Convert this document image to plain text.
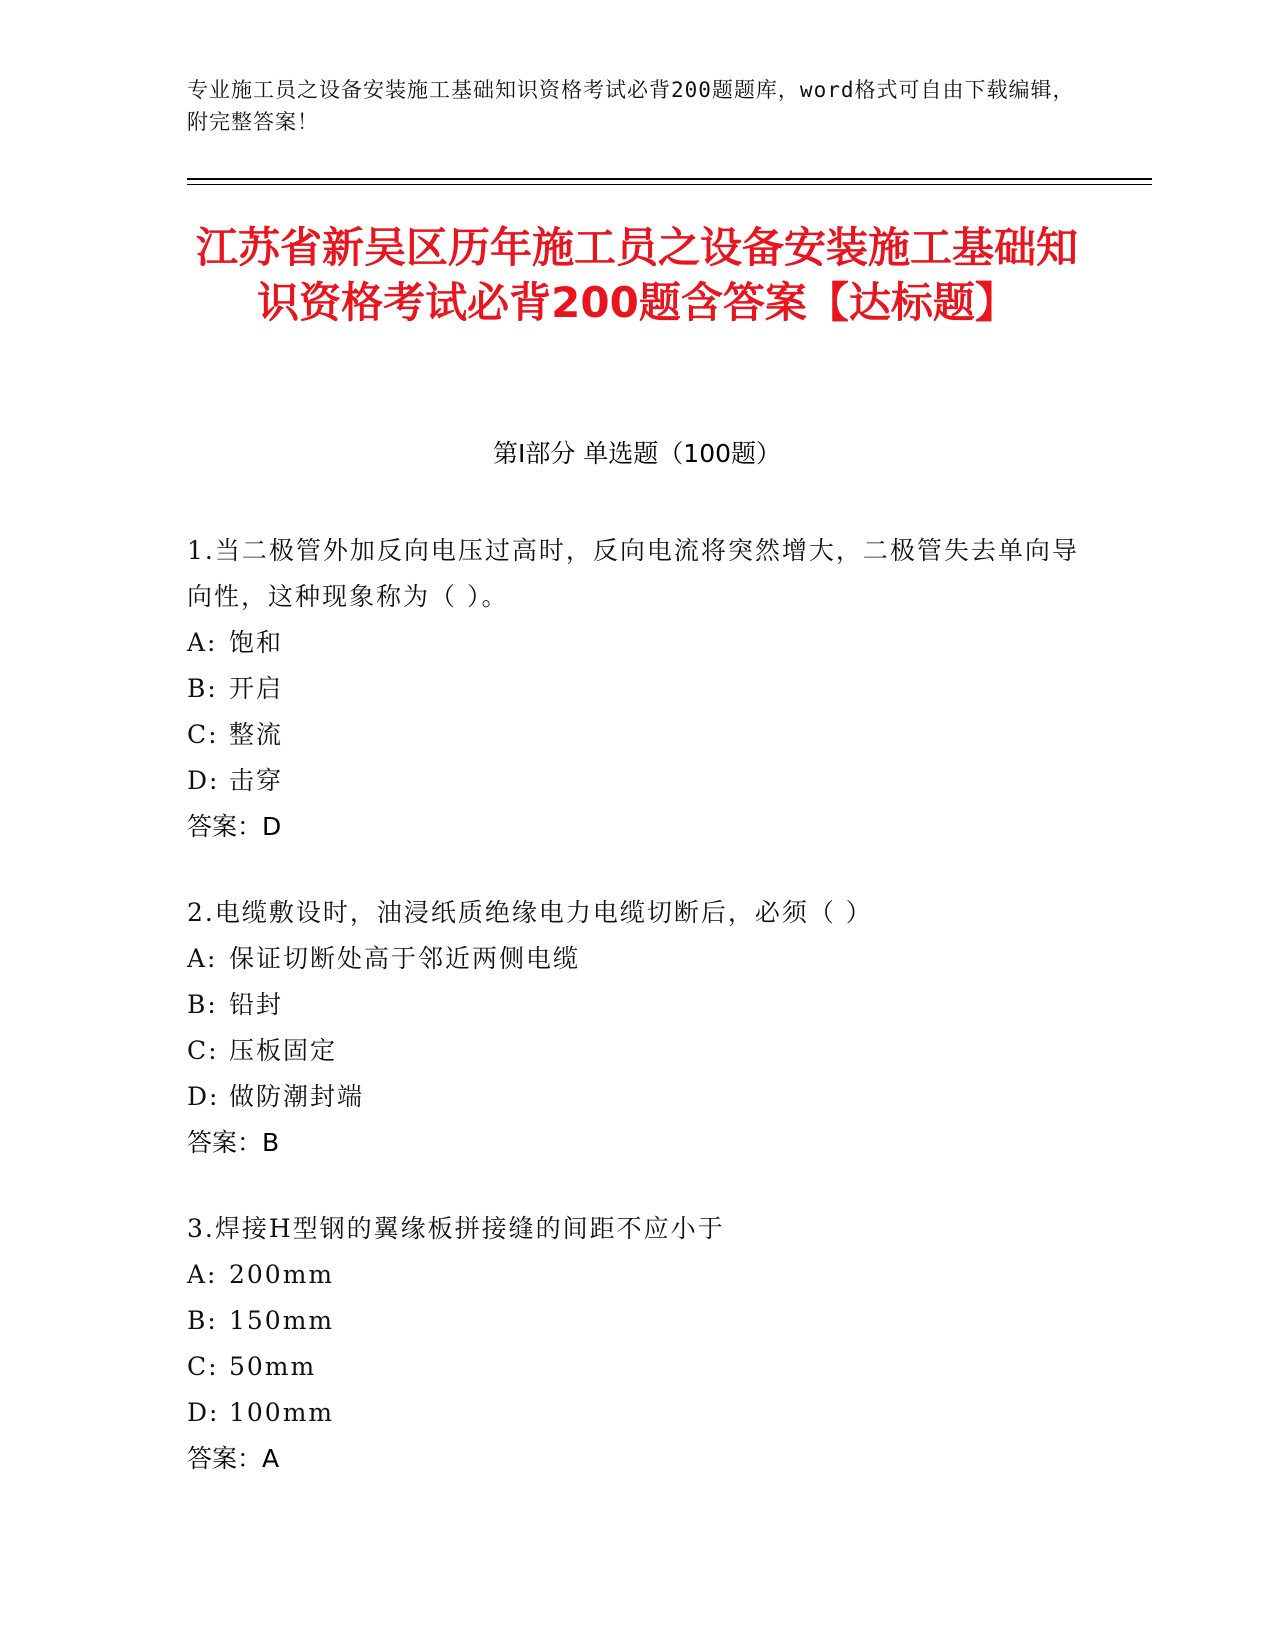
专业施工员之设备安装施工基础知识资格考试必背200题题库，word格式可自由下载编辑，附完整答案！
江苏省新吴区历年施工员之设备安装施工基础知识资格考试必背200题含答案【达标题】
第I部分 单选题（100题）
1.当二极管外加反向电压过高时，反向电流将突然增大，二极管失去单向导向性，这种现象称为（ ）。
A: 饱和
B: 开启
C: 整流
D: 击穿
答案：D
2.电缆敷设时，油浸纸质绝缘电力电缆切断后，必须（ ）
A: 保证切断处高于邻近两侧电缆
B: 铅封
C: 压板固定
D: 做防潮封端
答案：B
3.焊接H型钢的翼缘板拼接缝的间距不应小于
A: 200mm
B: 150mm
C: 50mm
D: 100mm
答案：A
